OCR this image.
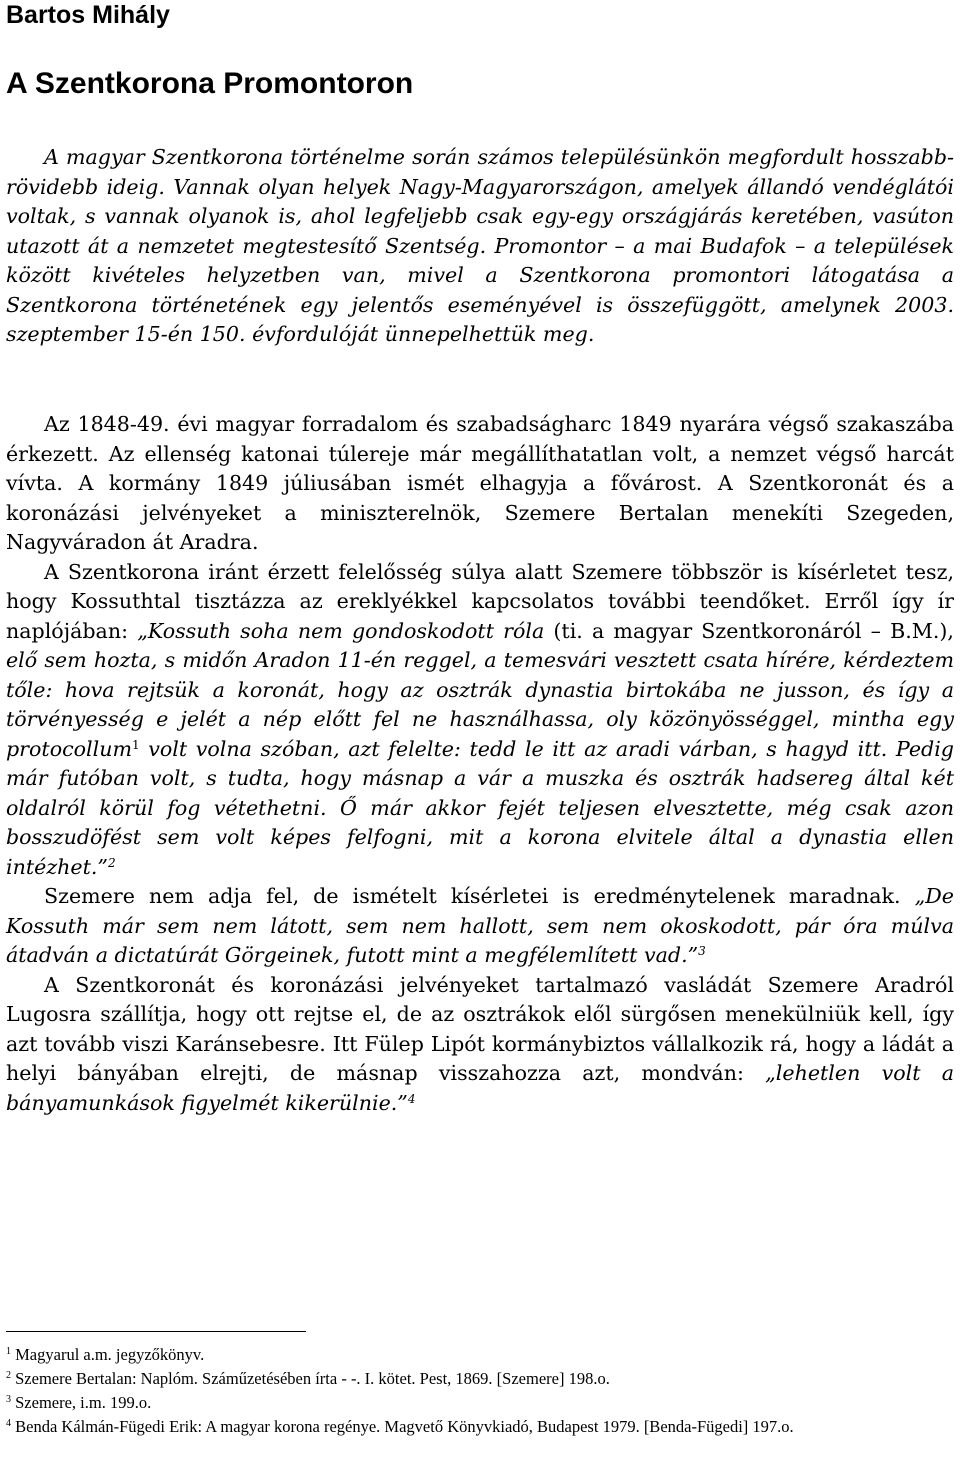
Bartos Mihály
A Szentkorona Promontoron

A magyar Szentkorona történelme során számos településünkön megfordult hosszabb-rövidebb ideig. Vannak olyan helyek Nagy-Magyarországon, amelyek állandó vendéglátói voltak, s vannak olyanok is, ahol legfeljebb csak egy-egy országjárás keretében, vasúton utazott át a nemzetet megtestesítő Szentség. Promontor – a mai Budafok – a települések között kivételes helyzetben van, mivel a Szentkorona promontori látogatása a Szentkorona történetének egy jelentős eseményével is összefüggött, amelynek 2003. szeptember 15-én 150. évfordulóját ünnepelhettük meg.

Az 1848-49. évi magyar forradalom és szabadságharc 1849 nyarára végső szakaszába érkezett. Az ellenség katonai túlereje már megállíthatatlan volt, a nemzet végső harcát vívta. A kormány 1849 júliusában ismét elhagyja a fővárost. A Szentkoronát és a koronázási jelvényeket a miniszterelnök, Szemere Bertalan menekíti Szegeden, Nagyváradon át Aradra.

A Szentkorona iránt érzett felelősség súlya alatt Szemere többször is kísérletet tesz, hogy Kossuthtal tisztázza az ereklyékkel kapcsolatos további teendőket. Erről így ír naplójában: „Kossuth soha nem gondoskodott róla (ti. a magyar Szentkoronáról – B.M.), elő sem hozta, s midőn Aradon 11-én reggel, a temesvári vesztett csata hírére, kérdeztem tőle: hova rejtsük a koronát, hogy az osztrák dynastia birtokába ne jusson, és így a törvényesség e jelét a nép előtt fel ne használhassa, oly közönyösséggel, mintha egy protocollum$^1$ volt volna szóban, azt felelte: tedd le itt az aradi várban, s hagyd itt. Pedig már futóban volt, s tudta, hogy másnap a vár a muszka és osztrák hadsereg által két oldalról körül fog vétethetni. Ő már akkor fejét teljesen elvesztette, még csak azon bosszudöfést sem volt képes felfogni, mit a korona elvitele által a dynastia ellen intézhet.”$^2$

Szemere nem adja fel, de ismételt kísérletei is eredménytelenek maradnak. „De Kossuth már sem nem látott, sem nem hallott, sem nem okoskodott, pár óra múlva átadván a dictatúrát Görgeinek, futott mint a megfélemlített vad.”$^3$

A Szentkoronát és koronázási jelvényeket tartalmazó vasládát Szemere Aradról Lugosra szállítja, hogy ott rejtse el, de az osztrákok elől sürgősen menekülniük kell, így azt tovább viszi Karánsebesre. Itt Fülep Lipót kormánybiztos vállalkozik rá, hogy a ládát a helyi bányában elrejti, de másnap visszahozza azt, mondván: „lehetlen volt a bányamunkások figyelmét kikerülnie.”$^4$

$^1$ Magyarul a.m. jegyzőkönyv.

$^2$ Szemere Bertalan: Naplóm. Száműzetésében írta - -. I. kötet. Pest, 1869. [Szemere] 198.o.

$^3$ Szemere, i.m. 199.o.

$^4$ Benda Kálmán-Fügedi Erik: A magyar korona regénye. Magvető Könyvkiadó, Budapest 1979. [Benda-Fügedi] 197.o.
